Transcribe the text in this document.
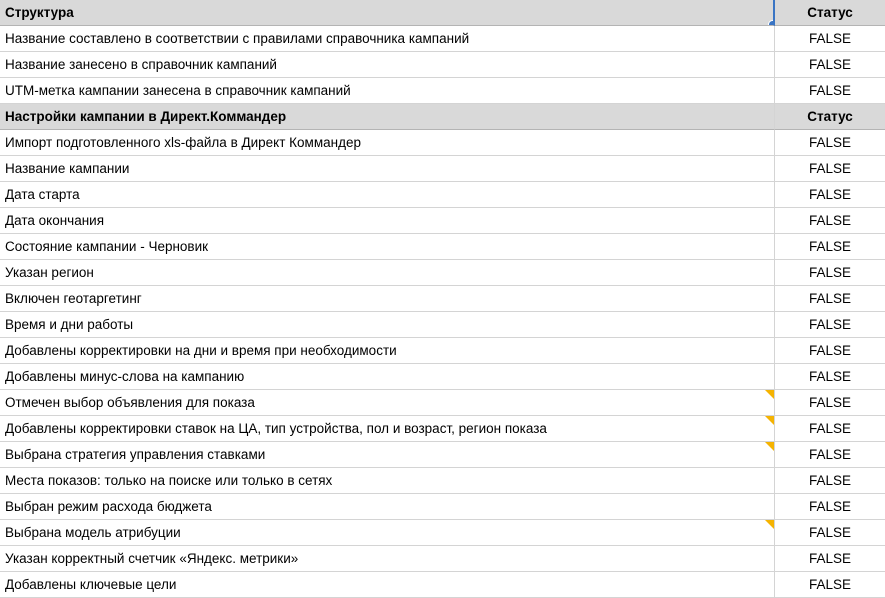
Структура	Статус
Название составлено в соответствии с правилами справочника кампаний	FALSE
Название занесено в справочник кампаний	FALSE
UTM-метка кампании занесена в справочник кампаний	FALSE
Настройки кампании в Директ.Коммандер	Статус
Импорт подготовленного xls-файла в Директ Коммандер	FALSE
Название кампании	FALSE
Дата старта	FALSE
Дата окончания	FALSE
Состояние кампании - Черновик	FALSE
Указан регион	FALSE
Включен геотаргетинг	FALSE
Время и дни работы	FALSE
Добавлены корректировки на дни и время при необходимости	FALSE
Добавлены минус-слова на кампанию	FALSE
Отмечен выбор объявления для показа	FALSE
Добавлены корректировки ставок на ЦА, тип устройства, пол и возраст, регион показа	FALSE
Выбрана стратегия управления ставками	FALSE
Места показов: только на поиске или только в сетях	FALSE
Выбран режим расхода бюджета	FALSE
Выбрана модель атрибуции	FALSE
Указан корректный счетчик «Яндекс. метрики»	FALSE
Добавлены ключевые цели	FALSE
